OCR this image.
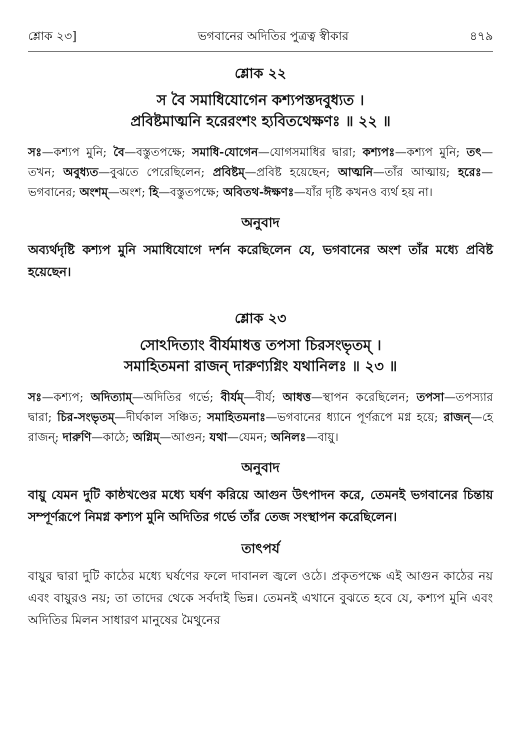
শ্লোক ২৩]	ভগবানের অদিতির পুত্রত্ব স্বীকার	৪৭৯
শ্লোক ২২
স বৈ সমাধিযোগেন কশ্যপস্তদবুধ্যত ।
প্রবিষ্টমাত্মনি হরেরংশং হ্যবিতথেক্ষণঃ ॥ ২২ ॥
সঃ—কশ্যপ মুনি; বৈ—বস্তুতপক্ষে; সমাধি-যোগেন—যোগসমাধির দ্বারা; কশ্যপঃ—কশ্যপ মুনি; তৎ—তখন; অবুধ্যত—বুঝতে পেরেছিলেন; প্রবিষ্টম্—প্রবিষ্ট হয়েছেন; আত্মনি—তাঁর আত্মায়; হরেঃ—ভগবানের; অংশম্—অংশ; হি—বস্তুতপক্ষে; অবিতথ-ঈক্ষণঃ—যাঁর দৃষ্টি কখনও ব্যর্থ হয় না।
অনুবাদ
অব্যর্থদৃষ্টি কশ্যপ মুনি সমাধিযোগে দর্শন করেছিলেন যে, ভগবানের অংশ তাঁর মধ্যে প্রবিষ্ট হয়েছেন।
শ্লোক ২৩
সোঽদিত্যাং বীর্যমাধত্ত তপসা চিরসংভৃতম্ ।
সমাহিতমনা রাজন্ দারুণ্যগ্নিং যথানিলঃ ॥ ২৩ ॥
সঃ—কশ্যপ; অদিত্যাম্—অদিতির গর্ভে; বীর্যম্—বীর্য; আধত্ত—স্থাপন করেছিলেন; তপসা—তপস্যার দ্বারা; চির-সংভৃতম্—দীর্ঘকাল সঞ্চিত; সমাহিতমনাঃ—ভগবানের ধ্যানে পূর্ণরূপে মগ্ন হয়ে; রাজন্—হে রাজন্; দারুণি—কাঠে; অগ্নিম্—আগুন; যথা—যেমন; অনিলঃ—বায়ু।
অনুবাদ
বায়ু যেমন দুটি কাষ্ঠখণ্ডের মধ্যে ঘর্ষণ করিয়ে আগুন উৎপাদন করে, তেমনই ভগবানের চিন্তায় সম্পূর্ণরূপে নিমগ্ন কশ্যপ মুনি অদিতির গর্ভে তাঁর তেজ সংস্থাপন করেছিলেন।
তাৎপর্য
বায়ুর দ্বারা দুটি কাঠের মধ্যে ঘর্ষণের ফলে দাবানল জ্বলে ওঠে। প্রকৃতপক্ষে এই আগুন কাঠের নয় এবং বায়ুরও নয়; তা তাদের থেকে সর্বদাই ভিন্ন। তেমনই এখানে বুঝতে হবে যে, কশ্যপ মুনি এবং অদিতির মিলন সাধারণ মানুষের মৈথুনের
